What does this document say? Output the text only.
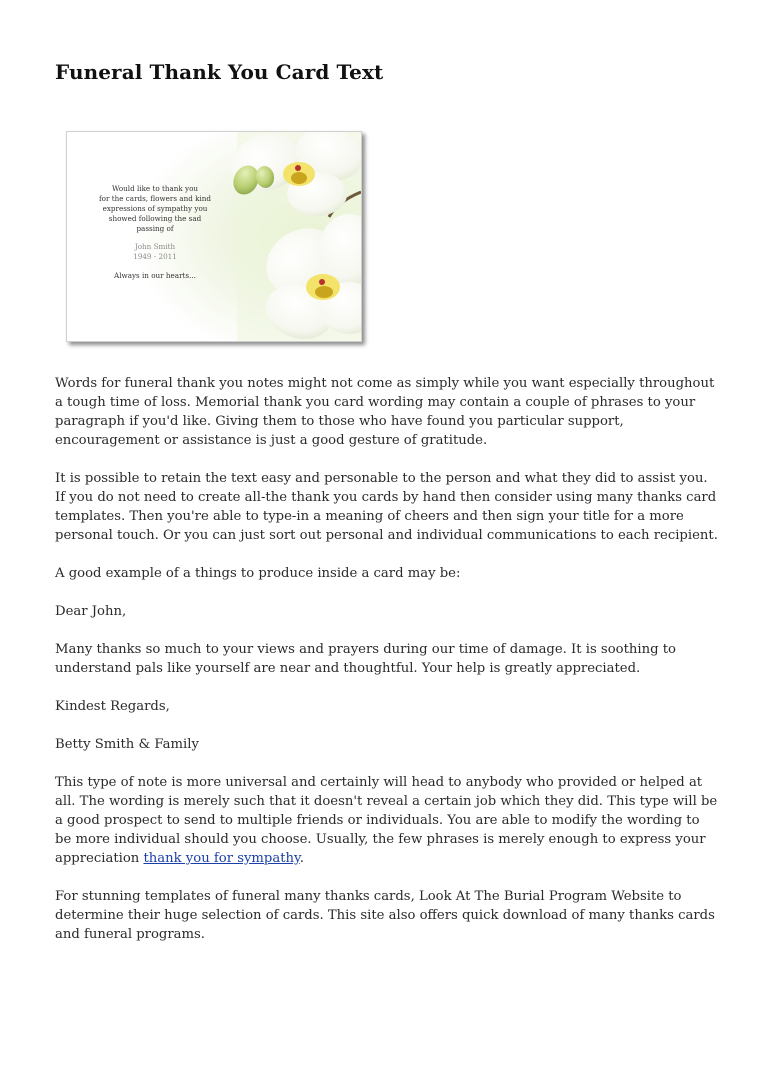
Funeral Thank You Card Text
Would like to thank you
for the cards, flowers and kind
expressions of sympathy you
showed following the sad
passing of
John Smith
1949 - 2011
Always in our hearts...

Words for funeral thank you notes might not come as simply while you want especially throughout a tough time of loss. Memorial thank you card wording may contain a couple of phrases to your paragraph if you'd like. Giving them to those who have found you particular support, encouragement or assistance is just a good gesture of gratitude.

It is possible to retain the text easy and personable to the person and what they did to assist you. If you do not need to create all-the thank you cards by hand then consider using many thanks card templates. Then you're able to type-in a meaning of cheers and then sign your title for a more personal touch. Or you can just sort out personal and individual communications to each recipient.

A good example of a things to produce inside a card may be:

Dear John,

Many thanks so much to your views and prayers during our time of damage. It is soothing to understand pals like yourself are near and thoughtful. Your help is greatly appreciated.

Kindest Regards,

Betty Smith & Family

This type of note is more universal and certainly will head to anybody who provided or helped at all. The wording is merely such that it doesn't reveal a certain job which they did. This type will be a good prospect to send to multiple friends or individuals. You are able to modify the wording to be more individual should you choose. Usually, the few phrases is merely enough to express your appreciation thank you for sympathy.

For stunning templates of funeral many thanks cards, Look At The Burial Program Website to determine their huge selection of cards. This site also offers quick download of many thanks cards and funeral programs.
